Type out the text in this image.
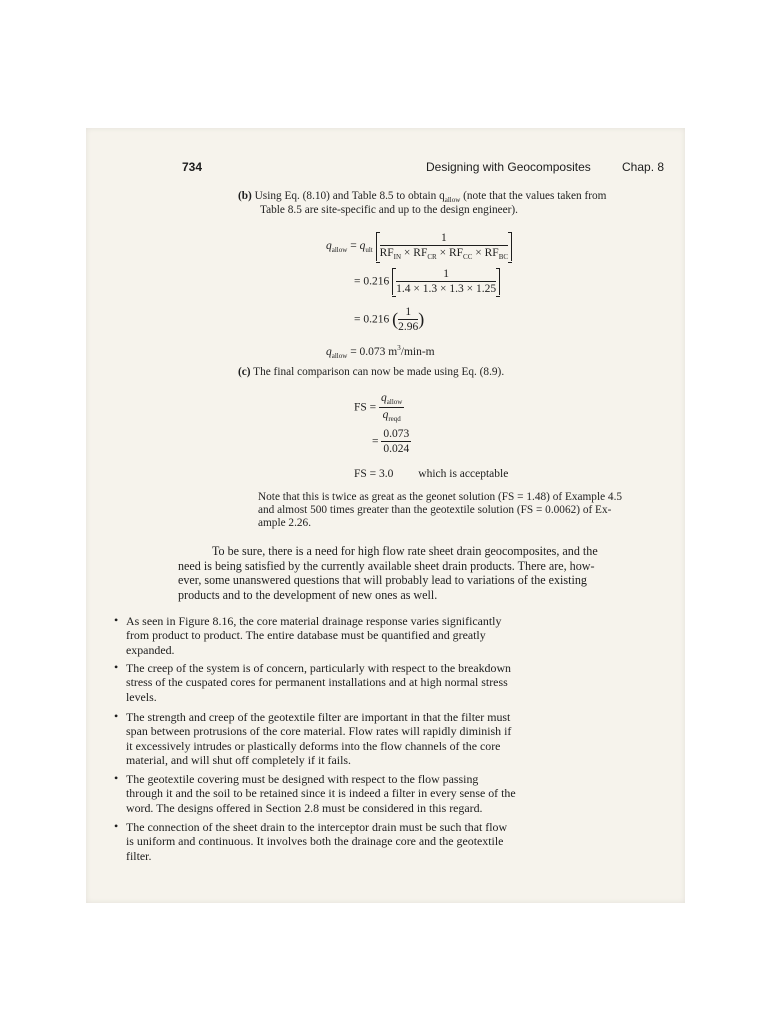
734	Designing with Geocomposites	Chap. 8
(b) Using Eq. (8.10) and Table 8.5 to obtain $q_{allow}$ (note that the values taken from
Table 8.5 are site-specific and up to the design engineer).
$q_{allow} = q_{ult} \frac{1}{RF_{IN} \times RF_{CR} \times RF_{CC} \times RF_{BC}}$
= $0.216 \frac{1}{1.4 \times 1.3 \times 1.3 \times 1.25}$
= 0.216 ( $\frac{1}{2.96}$ )
$q_{allow} = 0.073$ $m^3/\min-m$
(c) The final comparison can now be made using Eq. (8.9).
FS = $\frac{q_{allow}}{q_{reqd}}$
= $\frac{0.073}{0.024}$
FS = 3.0 which is acceptable
Note that this is twice as great as the geonet solution (FS = 1.48) of Example 4.5
and almost 500 times greater than the geotextile solution (FS = 0.0062) of Ex-
ample 2.26.
To be sure, there is a need for high flow rate sheet drain geocomposites, and the
need is being satisfied by the currently available sheet drain products. There are, how-
ever, some unanswered questions that will probably lead to variations of the existing
products and to the development of new ones as well.
• As seen in Figure 8.16, the core material drainage response varies significantly
from product to product. The entire database must be quantified and greatly
expanded.
• The creep of the system is of concern, particularly with respect to the breakdown
stress of the cuspated cores for permanent installations and at high normal stress
levels.
• The strength and creep of the geotextile filter are important in that the filter must
span between protrusions of the core material. Flow rates will rapidly diminish if
it excessively intrudes or plastically deforms into the flow channels of the core
material, and will shut off completely if it fails.
• The geotextile covering must be designed with respect to the flow passing
through it and the soil to be retained since it is indeed a filter in every sense of the
word. The designs offered in Section 2.8 must be considered in this regard.
• The connection of the sheet drain to the interceptor drain must be such that flow
is uniform and continuous. It involves both the drainage core and the geotextile
filter.
